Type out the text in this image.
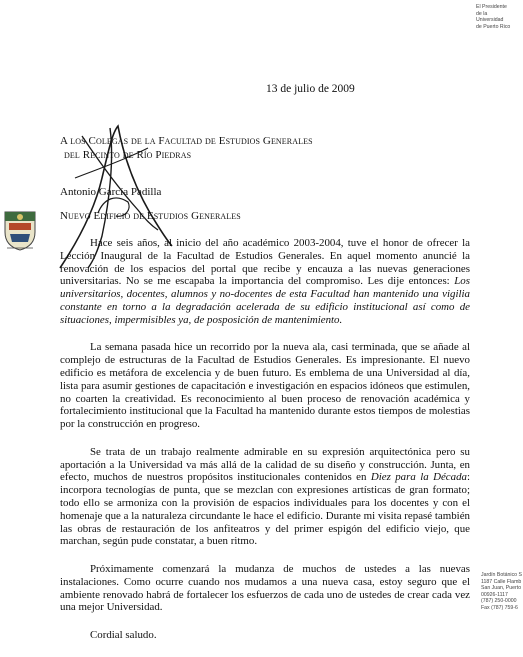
El Presidente
de la
Universidad
de Puerto Rico
13 de julio de 2009
A los Colegas de la Facultad de Estudios Generales
del Recinto de Río Piedras
Antonio García Padilla
Nuevo Edificio de Estudios Generales

Hace seis años, al inicio del año académico 2003-2004, tuve el honor de ofrecer la Lección Inaugural de la Facultad de Estudios Generales. En aquel momento anuncié la renovación de los espacios del portal que recibe y encauza a las nuevas generaciones universitarias. No se me escapaba la importancia del compromiso. Les dije entonces: Los universitarios, docentes, alumnos y no-docentes de esta Facultad han mantenido una vigilia constante en torno a la degradación acelerada de su edificio institucional así como de situaciones, impermisibles ya, de posposición de mantenimiento.

La semana pasada hice un recorrido por la nueva ala, casi terminada, que se añade al complejo de estructuras de la Facultad de Estudios Generales. Es impresionante. El nuevo edificio es metáfora de excelencia y de buen futuro. Es emblema de una Universidad al día, lista para asumir gestiones de capacitación e investigación en espacios idóneos que estimulen, no coarten la creatividad. Es reconocimiento al buen proceso de renovación académica y fortalecimiento institucional que la Facultad ha mantenido durante estos tiempos de molestias por la construcción en progreso.

Se trata de un trabajo realmente admirable en su expresión arquitectónica pero su aportación a la Universidad va más allá de la calidad de su diseño y construcción. Junta, en efecto, muchos de nuestros propósitos institucionales contenidos en Diez para la Década: incorpora tecnologías de punta, que se mezclan con expresiones artísticas de gran formato; todo ello se armoniza con la provisión de espacios individuales para los docentes y con el homenaje que a la naturaleza circundante le hace el edificio. Durante mi visita repasé también las obras de restauración de los anfiteatros y del primer espigón del edificio viejo, que marchan, según pude constatar, a buen ritmo.

Próximamente comenzará la mudanza de muchos de ustedes a las nuevas instalaciones. Como ocurre cuando nos mudamos a una nueva casa, estoy seguro que el ambiente renovado habrá de fortalecer los esfuerzos de cada uno de ustedes de crear cada vez una mejor Universidad.

Cordial saludo.

Jardín Botánico S
1187 Calle Flamb
San Juan, Puerto
00926-1117
(787) 250-0000
Fax (787) 759-6
